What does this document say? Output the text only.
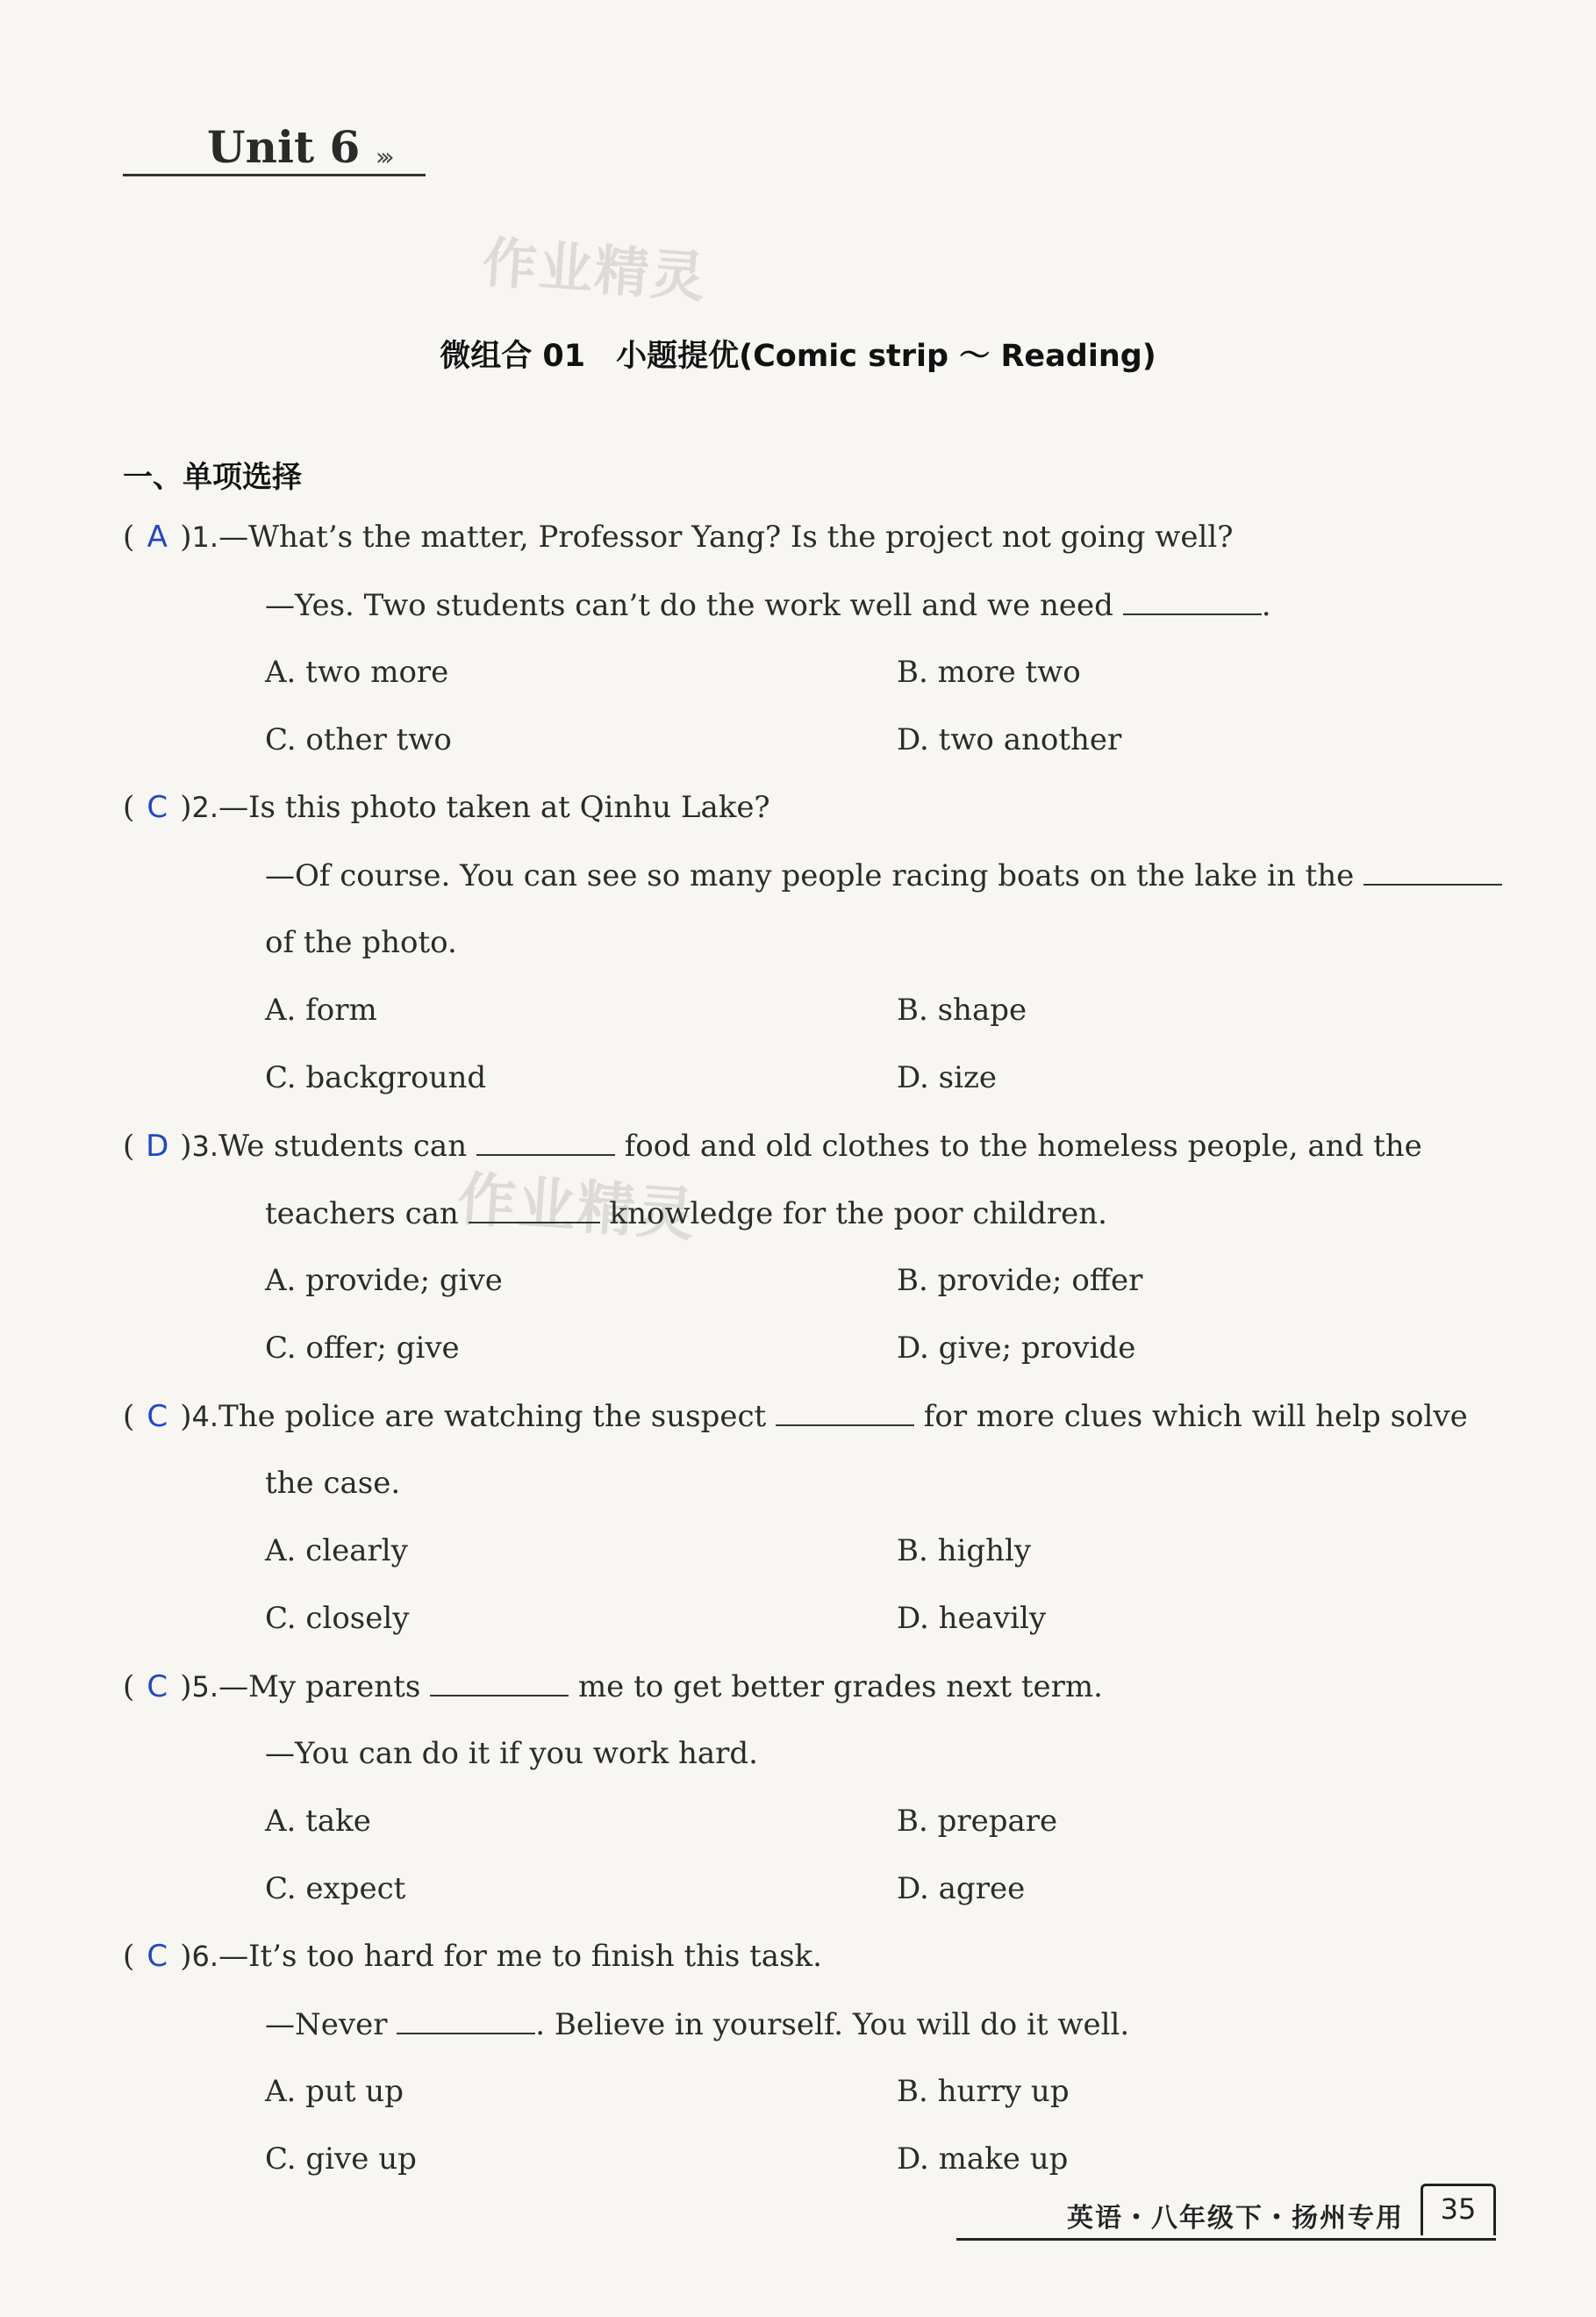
Unit 6 ›››
作业精灵
作业精灵
微组合 01　小题提优(Comic strip ～ Reading)
一、单项选择
( A )1.—What’s the matter, Professor Yang? Is the project not going well?
—Yes. Two students can’t do the work well and we need	.
A. two more	B. more two
C. other two	D. two another
( C )2.—Is this photo taken at Qinhu Lake?
—Of course. You can see so many people racing boats on the lake in the
of the photo.
A. form	B. shape
C. background	D. size
( D )3.We students can	food and old clothes to the homeless people, and the
teachers can	knowledge for the poor children.
A. provide; give	B. provide; offer
C. offer; give	D. give; provide
( C )4.The police are watching the suspect	for more clues which will help solve
the case.
A. clearly	B. highly
C. closely	D. heavily
( C )5.—My parents	me to get better grades next term.
—You can do it if you work hard.
A. take	B. prepare
C. expect	D. agree
( C )6.—It’s too hard for me to finish this task.
—Never	. Believe in yourself. You will do it well.
A. put up	B. hurry up
C. give up	D. make up
英语・八年级下・扬州专用	35
